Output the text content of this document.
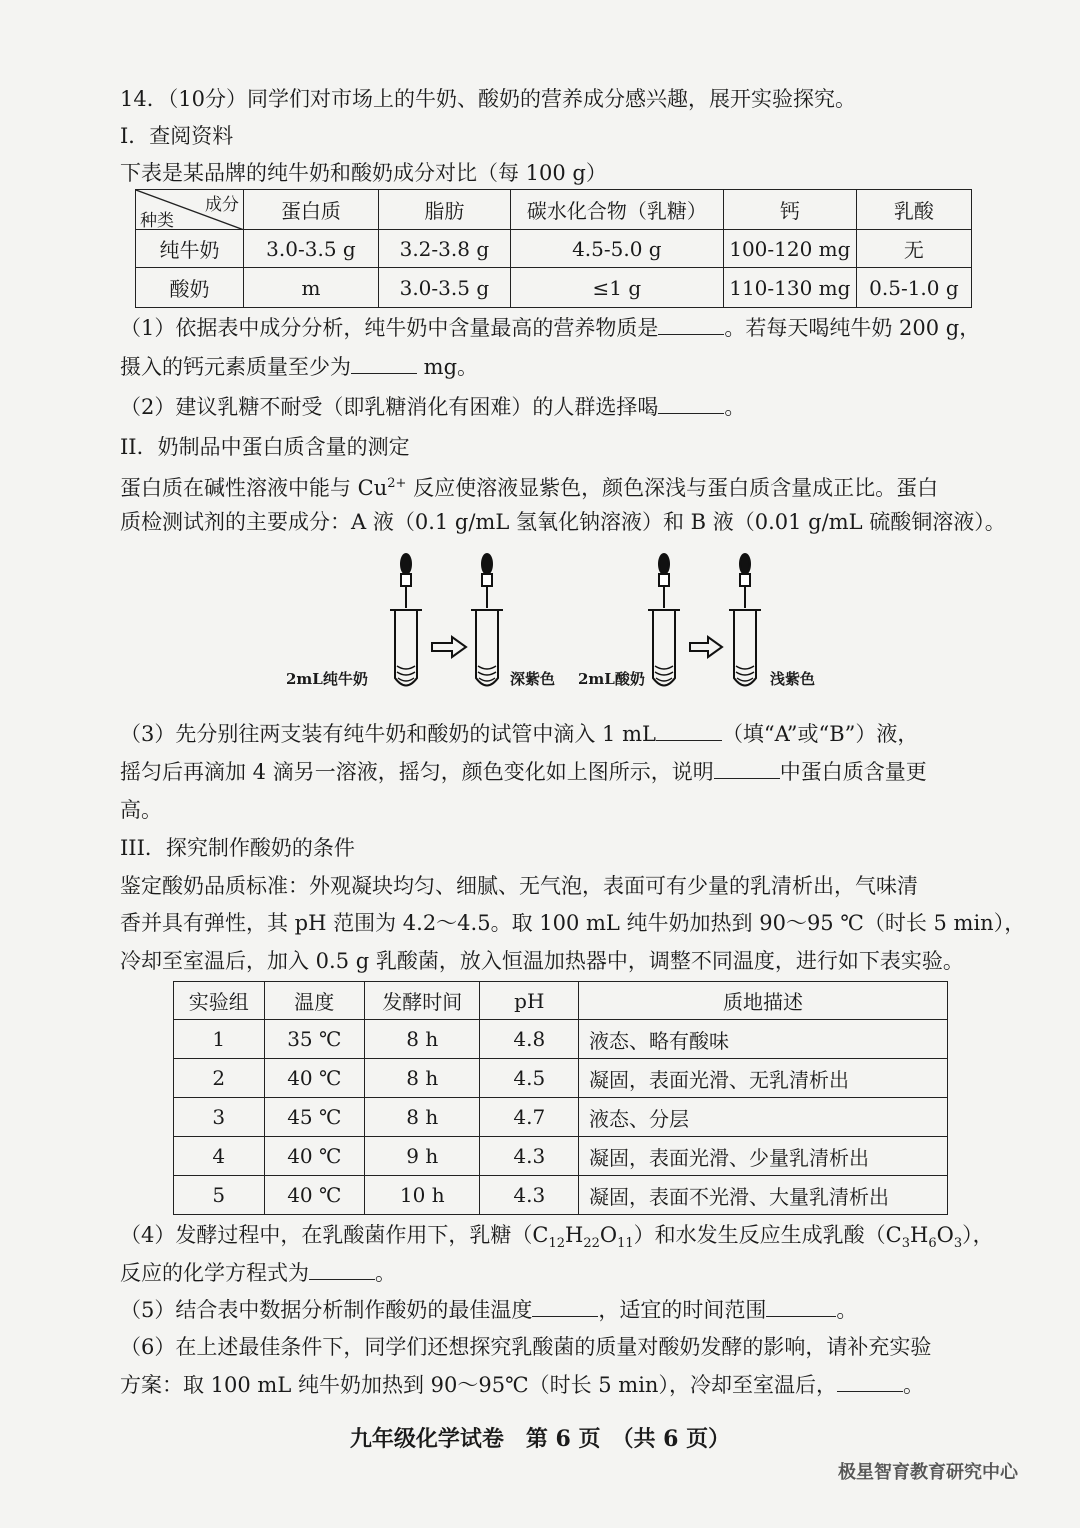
14．（10分）同学们对市场上的牛奶、酸奶的营养成分感兴趣，展开实验探究。
I．查阅资料
下表是某品牌的纯牛奶和酸奶成分对比（每 100 g）
成分
种类	蛋白质	脂肪	碳水化合物（乳糖）	钙	乳酸
纯牛奶	3.0-3.5 g	3.2-3.8 g	4.5-5.0 g	100-120 mg	无
酸奶	m	3.0-3.5 g	≤1 g	110-130 mg	0.5-1.0 g
（1）依据表中成分分析，纯牛奶中含量最高的营养物质是	。若每天喝纯牛奶 200 g，
摄入的钙元素质量至少为	mg。
（2）建议乳糖不耐受（即乳糖消化有困难）的人群选择喝	。
II．奶制品中蛋白质含量的测定
蛋白质在碱性溶液中能与 $Cu^{2+}$ 反应使溶液显紫色，颜色深浅与蛋白质含量成正比。蛋白
质检测试剂的主要成分：A 液（0.1 g/mL 氢氧化钠溶液）和 B 液（0.01 g/mL 硫酸铜溶液）。
2mL纯牛奶	深紫色 2mL酸奶	浅紫色
（3）先分别往两支装有纯牛奶和酸奶的试管中滴入 1 mL	（填“A”或“B”）液，
摇匀后再滴加 4 滴另一溶液，摇匀，颜色变化如上图所示，说明	中蛋白质含量更
高。
III．探究制作酸奶的条件
鉴定酸奶品质标准：外观凝块均匀、细腻、无气泡，表面可有少量的乳清析出，气味清
香并具有弹性，其 pH 范围为 4.2～4.5。取 100 mL 纯牛奶加热到 90～95 ℃（时长 5 min），
冷却至室温后，加入 0.5 g 乳酸菌，放入恒温加热器中，调整不同温度，进行如下表实验。
实验组	温度	发酵时间	pH	质地描述
1	35 ℃	8 h	4.8	液态、略有酸味
2	40 ℃	8 h	4.5	凝固，表面光滑、无乳清析出
3	45 ℃	8 h	4.7	液态、分层
4	40 ℃	9 h	4.3	凝固，表面光滑、少量乳清析出
5	40 ℃	10 h	4.3	凝固，表面不光滑、大量乳清析出
（4）发酵过程中，在乳酸菌作用下，乳糖$(C_{12}H_{22}O_{11})$和水发生反应生成乳酸$(C_3H_6O_3)$，
反应的化学方程式为	。
（5）结合表中数据分析制作酸奶的最佳温度	，适宜的时间范围	。
（6）在上述最佳条件下，同学们还想探究乳酸菌的质量对酸奶发酵的影响，请补充实验
方案：取 100 mL 纯牛奶加热到 90～95℃（时长 5 min），冷却至室温后，	。
九年级化学试卷　第 6 页　（共 6 页）
极星智育教育研究中心
